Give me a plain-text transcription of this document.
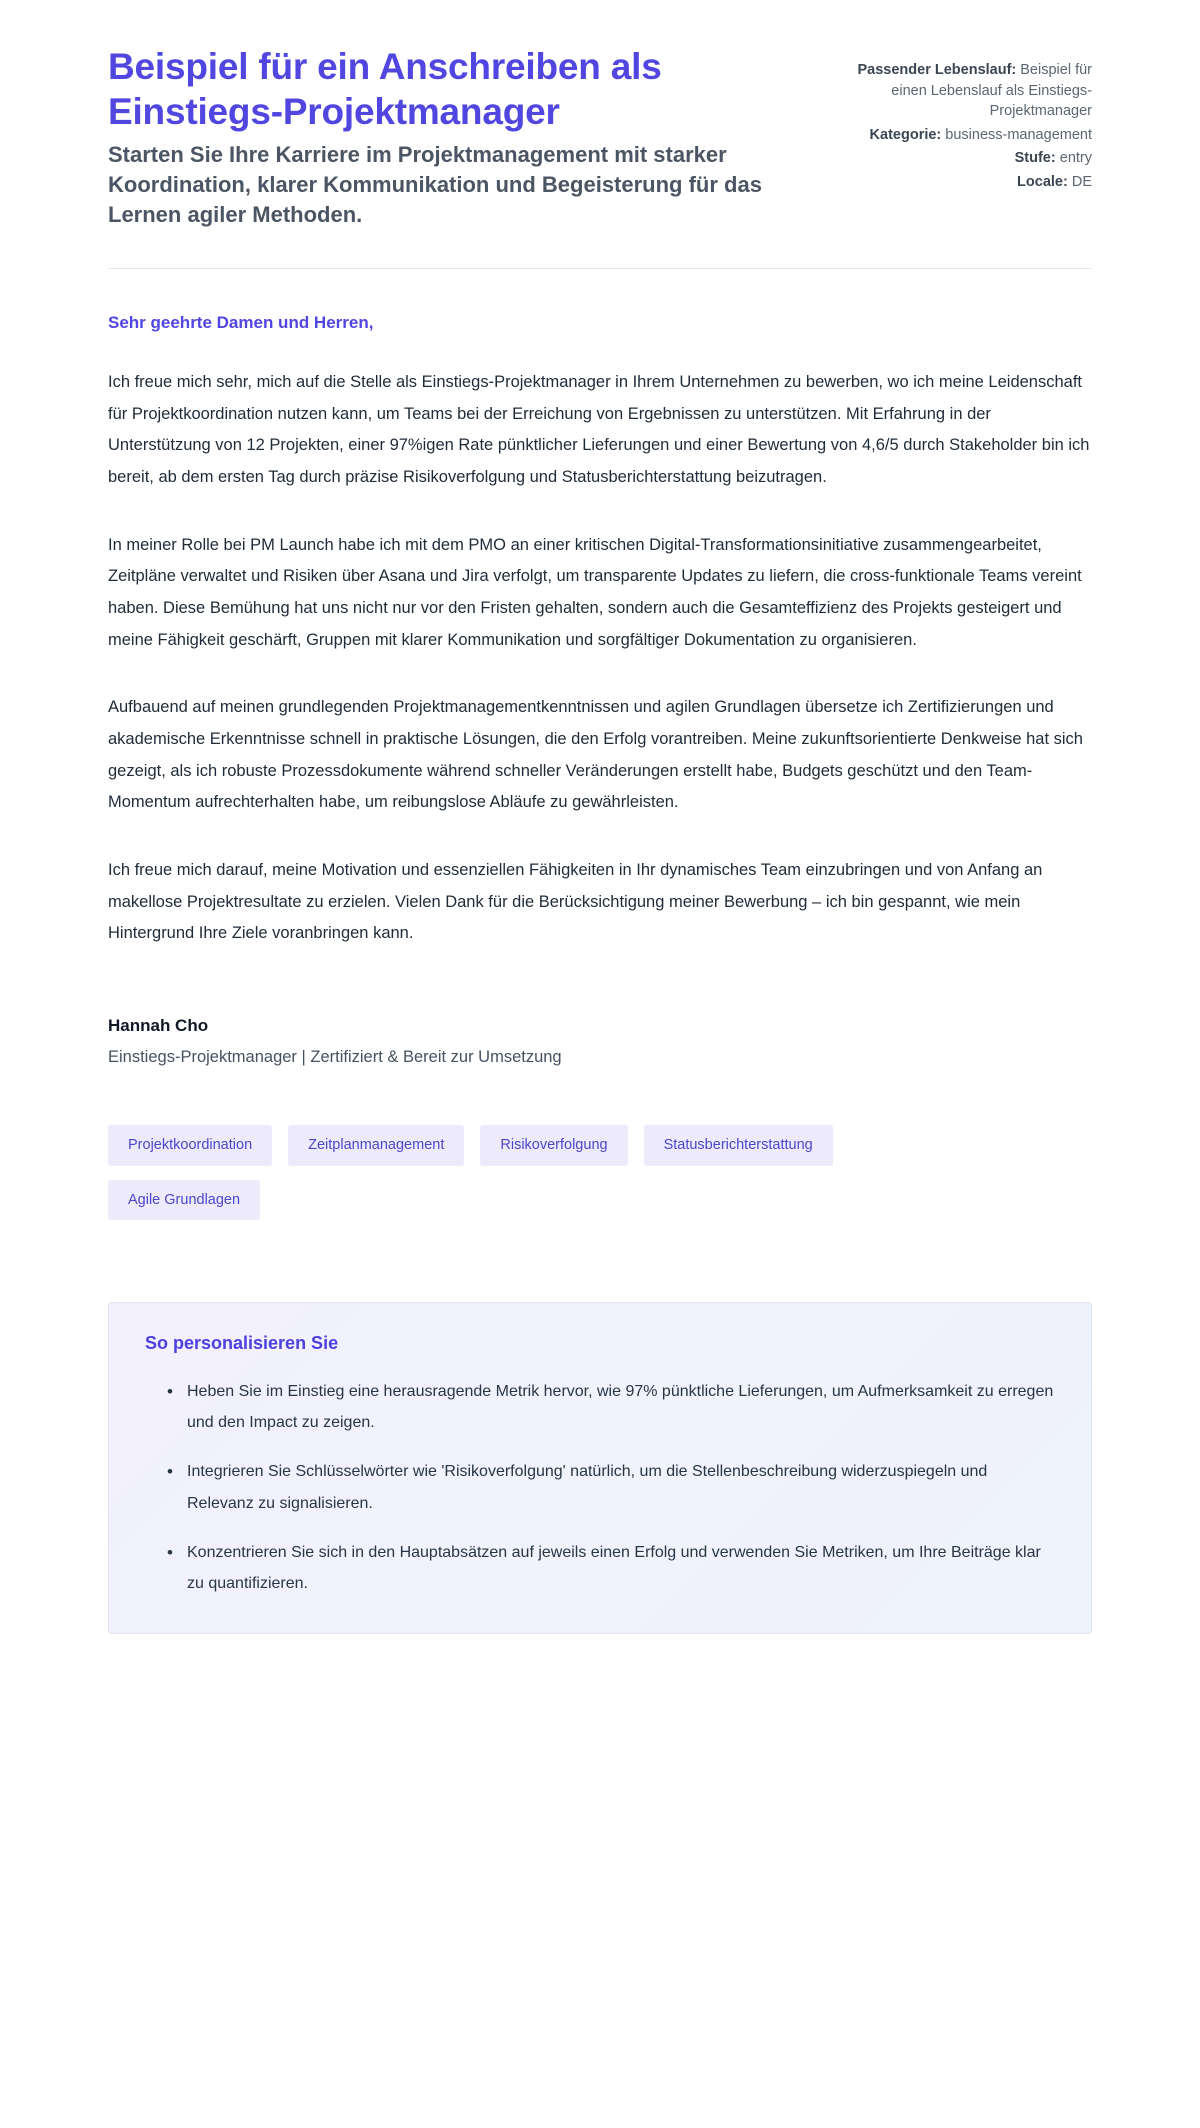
Beispiel für ein Anschreiben als Einstiegs-Projektmanager

Starten Sie Ihre Karriere im Projektmanagement mit starker Koordination, klarer Kommunikation und Begeisterung für das Lernen agiler Methoden.

Passender Lebenslauf: Beispiel für einen Lebenslauf als Einstiegs-Projektmanager
Kategorie: business-management
Stufe: entry
Locale: DE

Sehr geehrte Damen und Herren,

Ich freue mich sehr, mich auf die Stelle als Einstiegs-Projektmanager in Ihrem Unternehmen zu bewerben, wo ich meine Leidenschaft für Projektkoordination nutzen kann, um Teams bei der Erreichung von Ergebnissen zu unterstützen. Mit Erfahrung in der Unterstützung von 12 Projekten, einer 97%igen Rate pünktlicher Lieferungen und einer Bewertung von 4,6/5 durch Stakeholder bin ich bereit, ab dem ersten Tag durch präzise Risikoverfolgung und Statusberichterstattung beizutragen.

In meiner Rolle bei PM Launch habe ich mit dem PMO an einer kritischen Digital-Transformationsinitiative zusammengearbeitet, Zeitpläne verwaltet und Risiken über Asana und Jira verfolgt, um transparente Updates zu liefern, die cross-funktionale Teams vereint haben. Diese Bemühung hat uns nicht nur vor den Fristen gehalten, sondern auch die Gesamteffizienz des Projekts gesteigert und meine Fähigkeit geschärft, Gruppen mit klarer Kommunikation und sorgfältiger Dokumentation zu organisieren.

Aufbauend auf meinen grundlegenden Projektmanagementkenntnissen und agilen Grundlagen übersetze ich Zertifizierungen und akademische Erkenntnisse schnell in praktische Lösungen, die den Erfolg vorantreiben. Meine zukunftsorientierte Denkweise hat sich gezeigt, als ich robuste Prozessdokumente während schneller Veränderungen erstellt habe, Budgets geschützt und den Team-Momentum aufrechterhalten habe, um reibungslose Abläufe zu gewährleisten.

Ich freue mich darauf, meine Motivation und essenziellen Fähigkeiten in Ihr dynamisches Team einzubringen und von Anfang an makellose Projektresultate zu erzielen. Vielen Dank für die Berücksichtigung meiner Bewerbung – ich bin gespannt, wie mein Hintergrund Ihre Ziele voranbringen kann.

Hannah Cho

Einstiegs-Projektmanager | Zertifiziert & Bereit zur Umsetzung

Projektkoordination	Zeitplanmanagement	Risikoverfolgung	Statusberichterstattung
Agile Grundlagen
So personalisieren Sie
• Heben Sie im Einstieg eine herausragende Metrik hervor, wie 97% pünktliche Lieferungen, um Aufmerksamkeit zu erregen und den Impact zu zeigen.
• Integrieren Sie Schlüsselwörter wie 'Risikoverfolgung' natürlich, um die Stellenbeschreibung widerzuspiegeln und Relevanz zu signalisieren.
• Konzentrieren Sie sich in den Hauptabsätzen auf jeweils einen Erfolg und verwenden Sie Metriken, um Ihre Beiträge klar zu quantifizieren.
